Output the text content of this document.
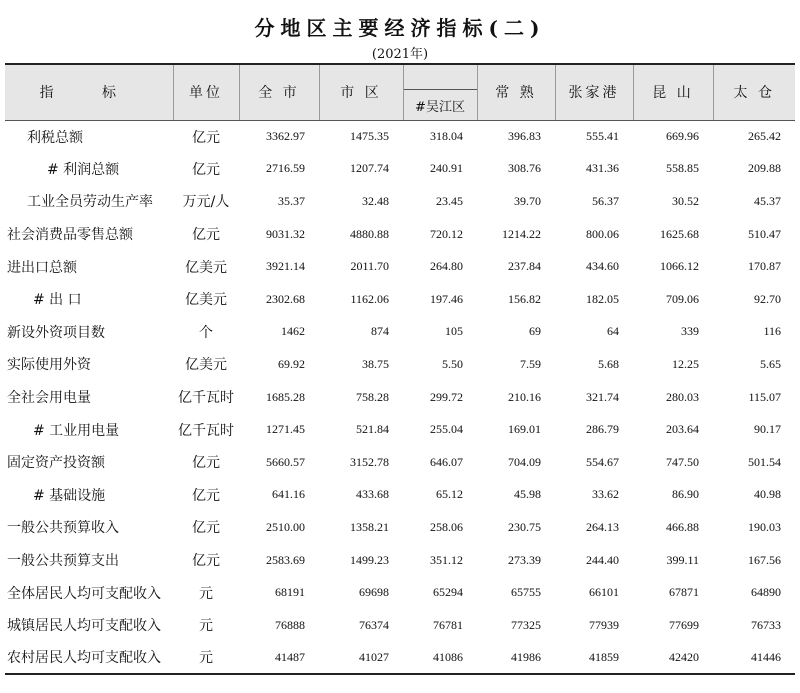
分地区主要经济指标(二)
(2021年)
指 标	单位	全 市	市 区	#吴江区	常 熟	张家港	昆 山	太 仓
利税总额	亿元	3362.97	1475.35	318.04	396.83	555.41	669.96	265.42
# 利润总额	亿元	2716.59	1207.74	240.91	308.76	431.36	558.85	209.88
工业全员劳动生产率	万元/人	35.37	32.48	23.45	39.70	56.37	30.52	45.37
社会消费品零售总额	亿元	9031.32	4880.88	720.12	1214.22	800.06	1625.68	510.47
进出口总额	亿美元	3921.14	2011.70	264.80	237.84	434.60	1066.12	170.87
# 出 口	亿美元	2302.68	1162.06	197.46	156.82	182.05	709.06	92.70
新设外资项目数	个	1462	874	105	69	64	339	116
实际使用外资	亿美元	69.92	38.75	5.50	7.59	5.68	12.25	5.65
全社会用电量	亿千瓦时	1685.28	758.28	299.72	210.16	321.74	280.03	115.07
# 工业用电量	亿千瓦时	1271.45	521.84	255.04	169.01	286.79	203.64	90.17
固定资产投资额	亿元	5660.57	3152.78	646.07	704.09	554.67	747.50	501.54
# 基础设施	亿元	641.16	433.68	65.12	45.98	33.62	86.90	40.98
一般公共预算收入	亿元	2510.00	1358.21	258.06	230.75	264.13	466.88	190.03
一般公共预算支出	亿元	2583.69	1499.23	351.12	273.39	244.40	399.11	167.56
全体居民人均可支配收入	元	68191	69698	65294	65755	66101	67871	64890
城镇居民人均可支配收入	元	76888	76374	76781	77325	77939	77699	76733
农村居民人均可支配收入	元	41487	41027	41086	41986	41859	42420	41446
